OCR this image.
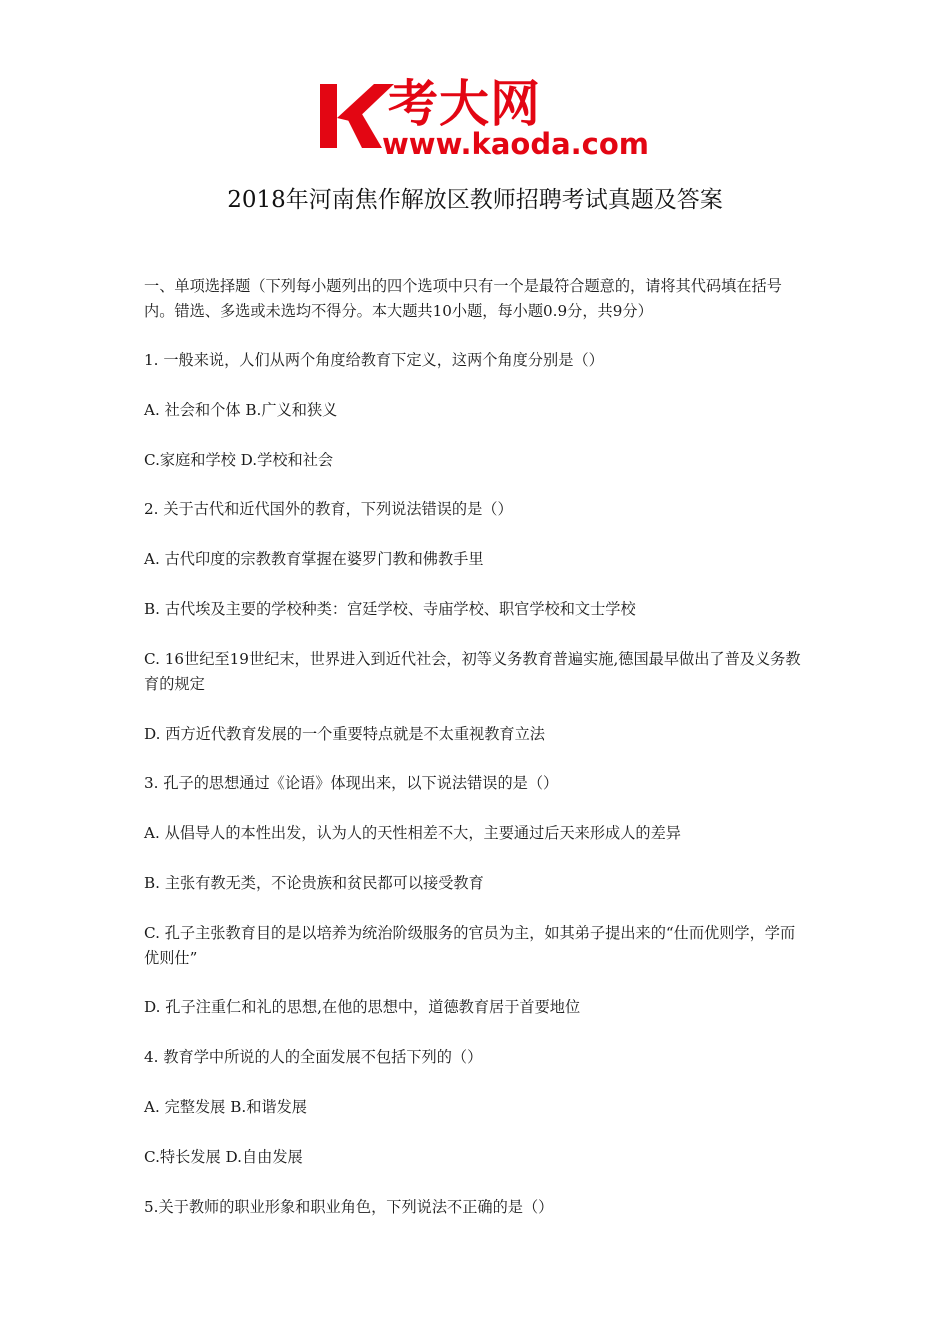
考大网
www.kaoda.com
2018年河南焦作解放区教师招聘考试真题及答案
一、单项选择题（下列每小题列出的四个选项中只有一个是最符合题意的，请将其代码填在括号内。错选、多选或未选均不得分。本大题共10小题，每小题0.9分，共9分）
1. 一般来说，人们从两个角度给教育下定义，这两个角度分别是（）
A. 社会和个体 B.广义和狭义
C.家庭和学校 D.学校和社会
2. 关于古代和近代国外的教育，下列说法错误的是（）
A. 古代印度的宗教教育掌握在婆罗门教和佛教手里
B. 古代埃及主要的学校种类：宫廷学校、寺庙学校、职官学校和文士学校
C. 16世纪至19世纪末，世界进入到近代社会，初等义务教育普遍实施,德国最早做出了普及义务教育的规定
D. 西方近代教育发展的一个重要特点就是不太重视教育立法
3. 孔子的思想通过《论语》体现出来，以下说法错误的是（）
A. 从倡导人的本性出发，认为人的天性相差不大，主要通过后天来形成人的差异
B. 主张有教无类，不论贵族和贫民都可以接受教育
C. 孔子主张教育目的是以培养为统治阶级服务的官员为主，如其弟子提出来的“仕而优则学，学而优则仕”
D. 孔子注重仁和礼的思想,在他的思想中，道德教育居于首要地位
4. 教育学中所说的人的全面发展不包括下列的（）
A. 完整发展 B.和谐发展
C.特长发展 D.自由发展
5.关于教师的职业形象和职业角色，下列说法不正确的是（）
